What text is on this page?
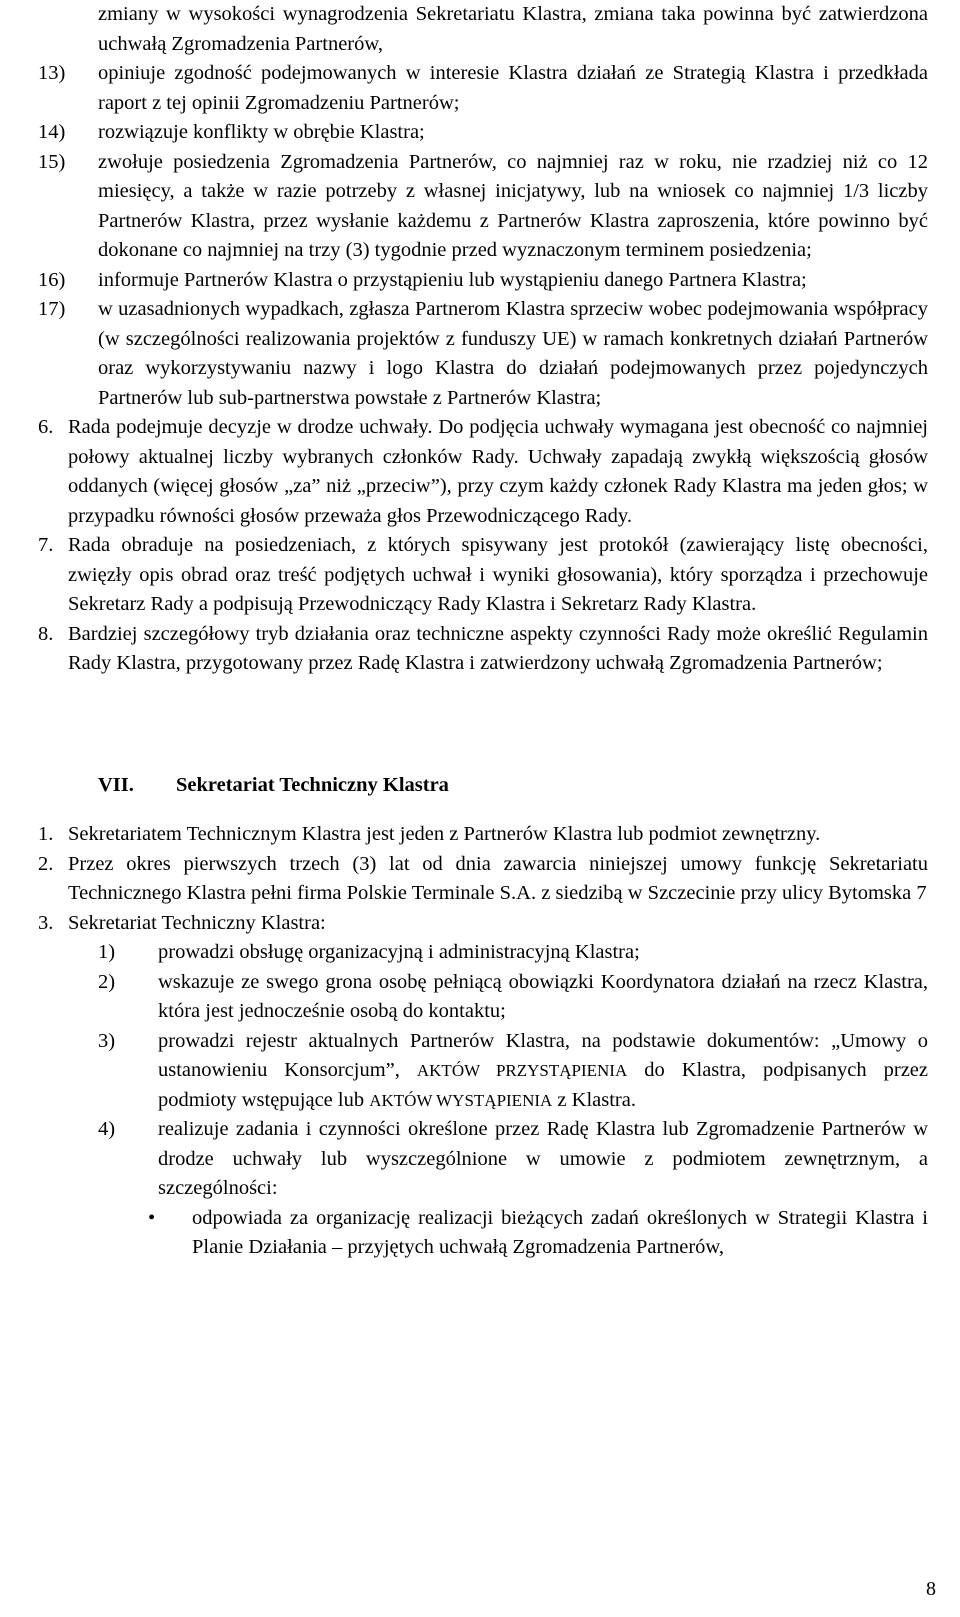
zmiany w wysokości wynagrodzenia Sekretariatu Klastra, zmiana taka powinna być zatwierdzona uchwałą Zgromadzenia Partnerów,
13) opiniuje zgodność podejmowanych w interesie Klastra działań ze Strategią Klastra i przedkłada raport z tej opinii Zgromadzeniu Partnerów;
14) rozwiązuje konflikty w obrębie Klastra;
15) zwołuje posiedzenia Zgromadzenia Partnerów, co najmniej raz w roku, nie rzadziej niż co 12 miesięcy, a także w razie potrzeby z własnej inicjatywy, lub na wniosek co najmniej 1/3 liczby Partnerów Klastra, przez wysłanie każdemu z Partnerów Klastra zaproszenia, które powinno być dokonane co najmniej na trzy (3) tygodnie przed wyznaczonym terminem posiedzenia;
16) informuje Partnerów Klastra o przystąpieniu lub wystąpieniu danego Partnera Klastra;
17) w uzasadnionych wypadkach, zgłasza Partnerom Klastra sprzeciw wobec podejmowania współpracy (w szczególności realizowania projektów z funduszy UE) w ramach konkretnych działań Partnerów oraz wykorzystywaniu nazwy i logo Klastra do działań podejmowanych przez pojedynczych Partnerów lub sub-partnerstwa powstałe z Partnerów Klastra;
6. Rada podejmuje decyzje w drodze uchwały. Do podjęcia uchwały wymagana jest obecność co najmniej połowy aktualnej liczby wybranych członków Rady. Uchwały zapadają zwykłą większością głosów oddanych (więcej głosów „za” niż „przeciw”), przy czym każdy członek Rady Klastra ma jeden głos; w przypadku równości głosów przeważa głos Przewodniczącego Rady.
7. Rada obraduje na posiedzeniach, z których spisywany jest protokół (zawierający listę obecności, zwięzły opis obrad oraz treść podjętych uchwał i wyniki głosowania), który sporządza i przechowuje Sekretarz Rady a podpisują Przewodniczący Rady Klastra i Sekretarz Rady Klastra.
8. Bardziej szczegółowy tryb działania oraz techniczne aspekty czynności Rady może określić Regulamin Rady Klastra, przygotowany przez Radę Klastra i zatwierdzony uchwałą Zgromadzenia Partnerów;
VII. Sekretariat Techniczny Klastra
1. Sekretariatem Technicznym Klastra jest jeden z Partnerów Klastra lub podmiot zewnętrzny.
2. Przez okres pierwszych trzech (3) lat od dnia zawarcia niniejszej umowy funkcję Sekretariatu Technicznego Klastra pełni firma Polskie Terminale S.A. z siedzibą w Szczecinie przy ulicy Bytomska 7
3. Sekretariat Techniczny Klastra:
1) prowadzi obsługę organizacyjną i administracyjną Klastra;
2) wskazuje ze swego grona osobę pełniącą obowiązki Koordynatora działań na rzecz Klastra, która jest jednocześnie osobą do kontaktu;
3) prowadzi rejestr aktualnych Partnerów Klastra, na podstawie dokumentów: „Umowy o ustanowieniu Konsorcjum”, AKTÓW PRZYSTĄPIENIA do Klastra, podpisanych przez podmioty wstępujące lub AKTÓW WYSTĄPIENIA z Klastra.
4) realizuje zadania i czynności określone przez Radę Klastra lub Zgromadzenie Partnerów w drodze uchwały lub wyszczególnione w umowie z podmiotem zewnętrznym, a szczególności:
• odpowiada za organizację realizacji bieżących zadań określonych w Strategii Klastra i Planie Działania – przyjętych uchwałą Zgromadzenia Partnerów,
8
